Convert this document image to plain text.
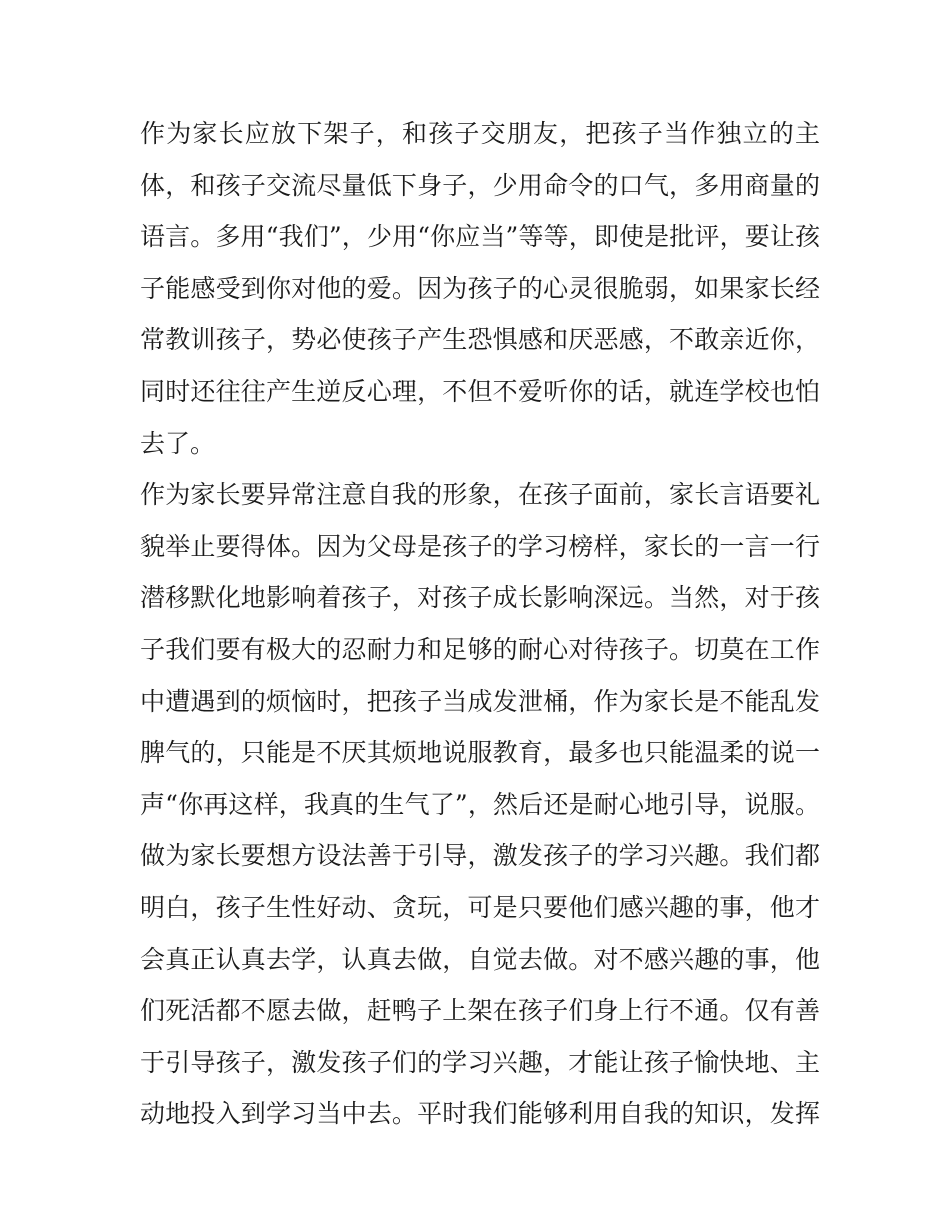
作为家长应放下架子，和孩子交朋友，把孩子当作独立的主
体，和孩子交流尽量低下身子，少用命令的口气，多用商量的
语言。多用“我们”，少用“你应当”等等，即使是批评，要让孩
子能感受到你对他的爱。因为孩子的心灵很脆弱，如果家长经
常教训孩子，势必使孩子产生恐惧感和厌恶感，不敢亲近你，
同时还往往产生逆反心理，不但不爱听你的话，就连学校也怕
去了。
作为家长要异常注意自我的形象，在孩子面前，家长言语要礼
貌举止要得体。因为父母是孩子的学习榜样，家长的一言一行
潜移默化地影响着孩子，对孩子成长影响深远。当然，对于孩
子我们要有极大的忍耐力和足够的耐心对待孩子。切莫在工作
中遭遇到的烦恼时，把孩子当成发泄桶，作为家长是不能乱发
脾气的，只能是不厌其烦地说服教育，最多也只能温柔的说一
声“你再这样，我真的生气了”，然后还是耐心地引导，说服。
做为家长要想方设法善于引导，激发孩子的学习兴趣。我们都
明白，孩子生性好动、贪玩，可是只要他们感兴趣的事，他才
会真正认真去学，认真去做，自觉去做。对不感兴趣的事，他
们死活都不愿去做，赶鸭子上架在孩子们身上行不通。仅有善
于引导孩子，激发孩子们的学习兴趣，才能让孩子愉快地、主
动地投入到学习当中去。平时我们能够利用自我的知识，发挥
